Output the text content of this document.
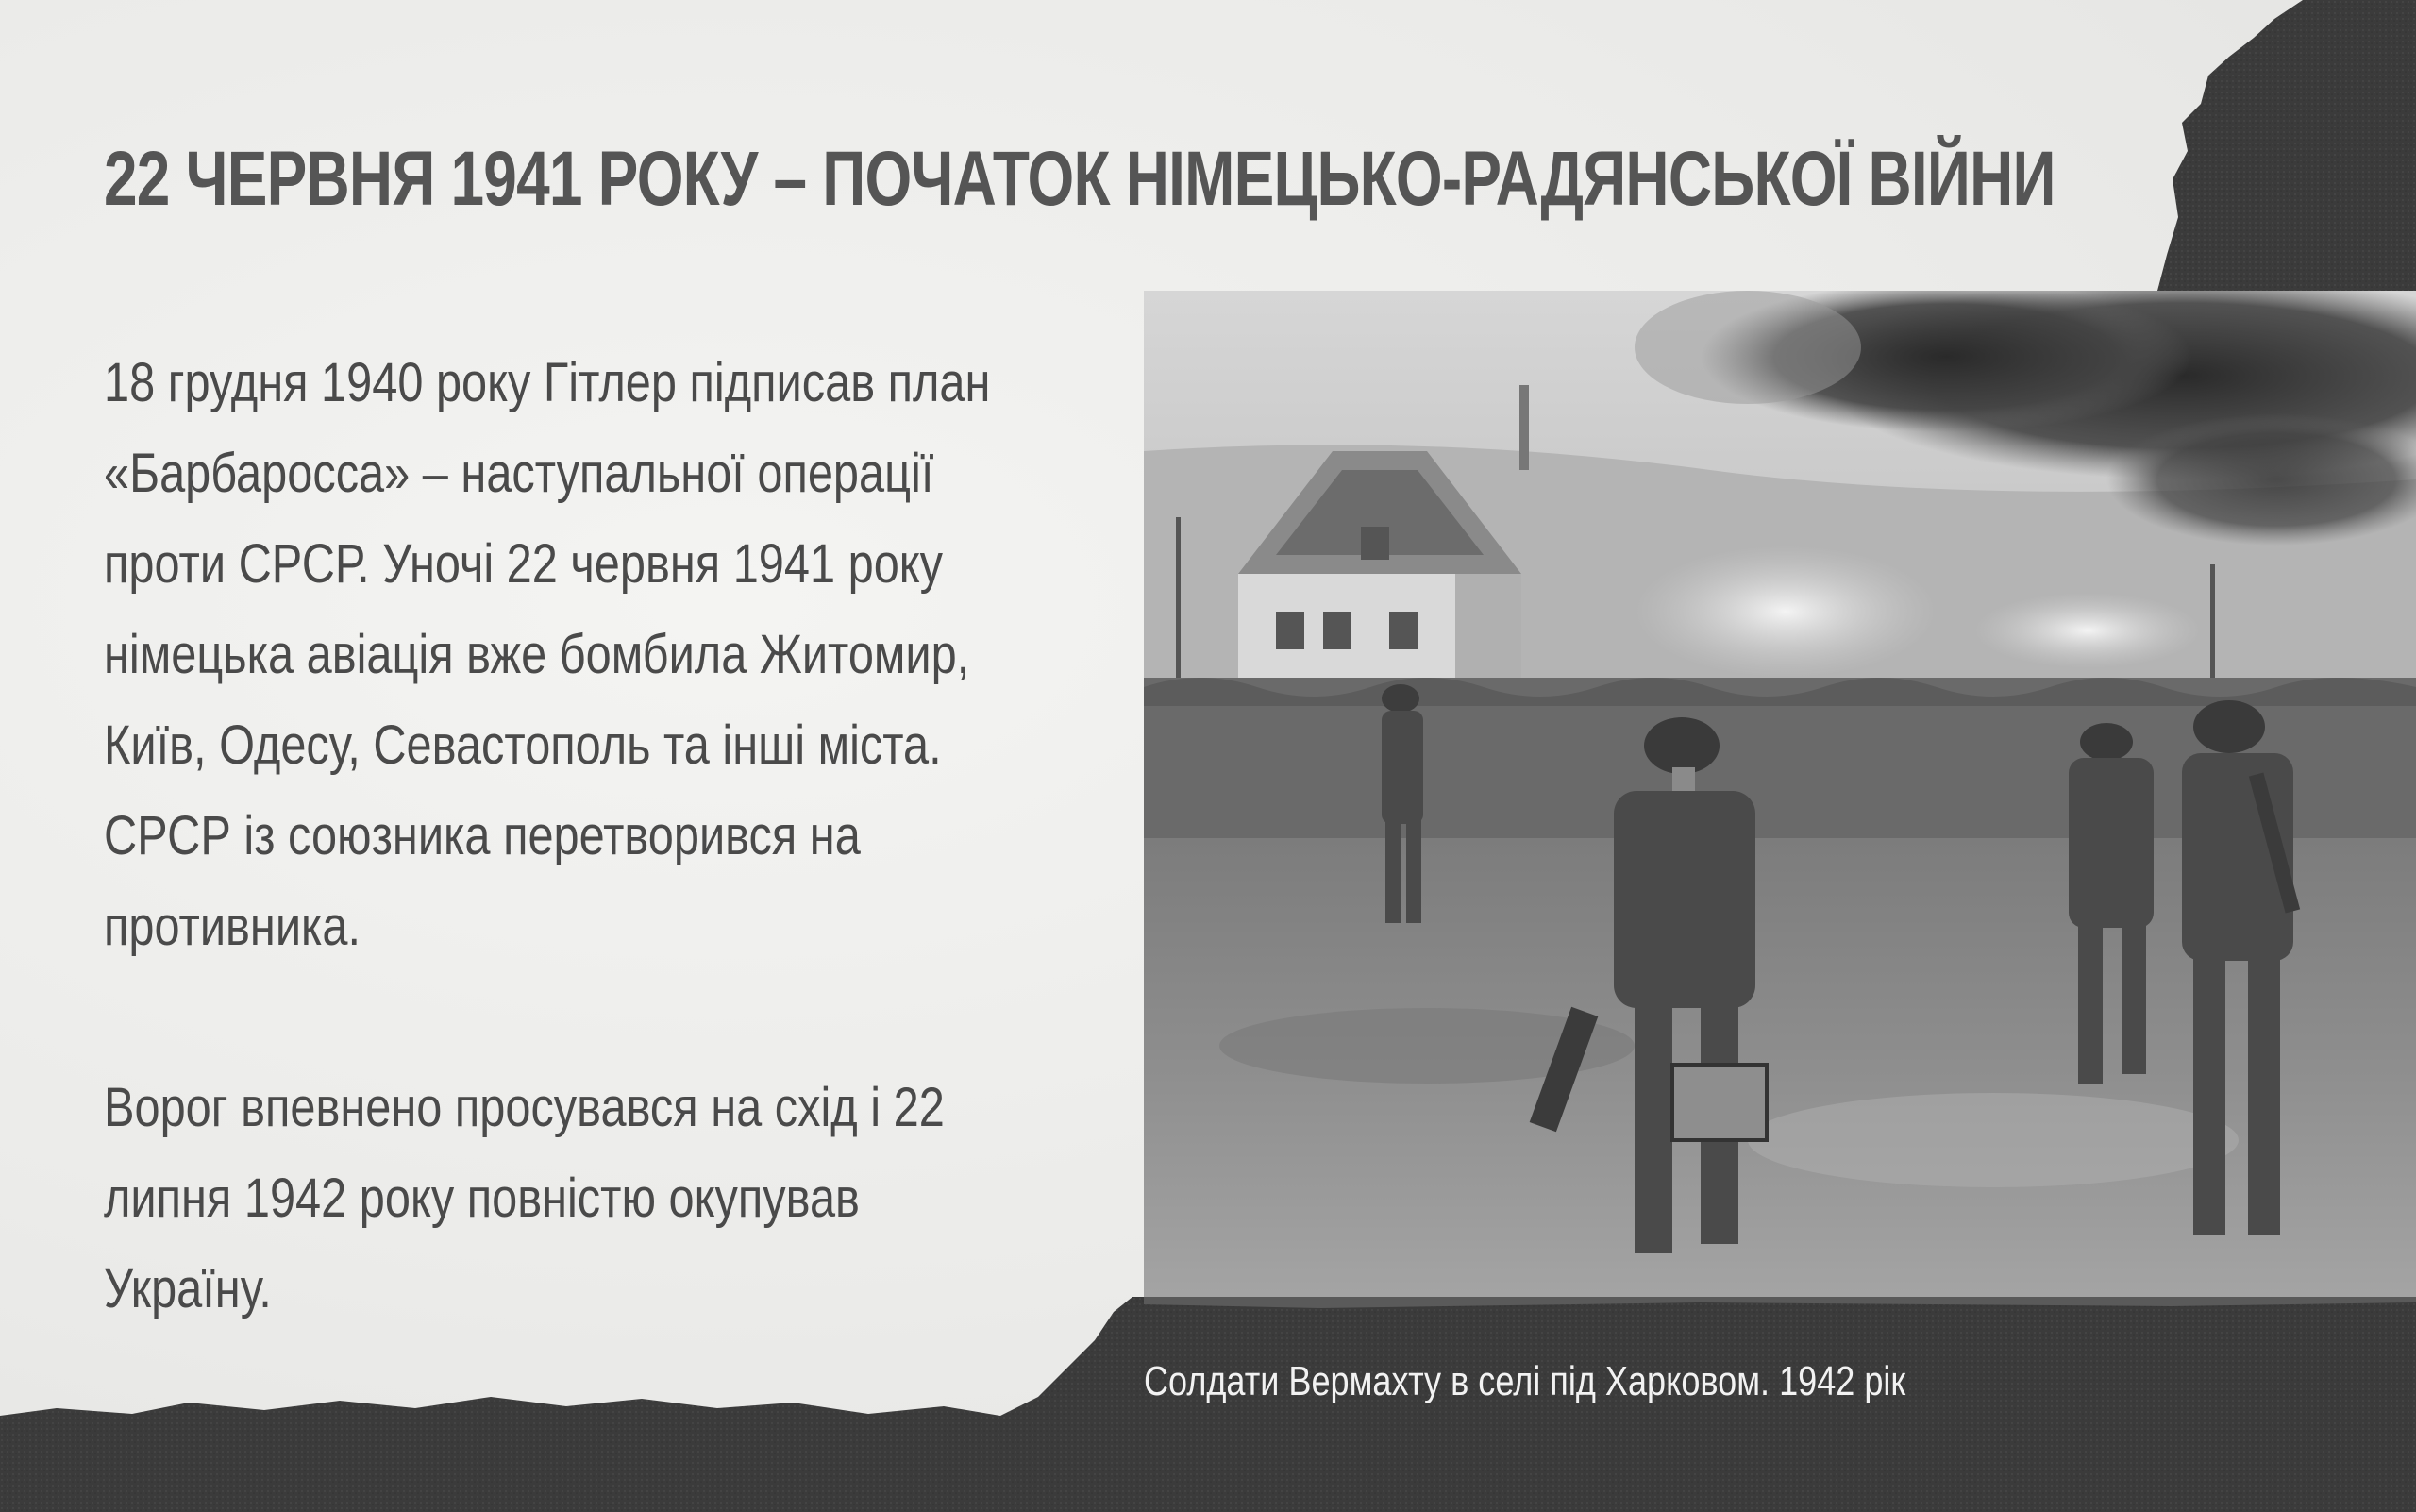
22 ЧЕРВНЯ 1941 РОКУ – ПОЧАТОК НІМЕЦЬКО-РАДЯНСЬКОЇ ВІЙНИ

18 грудня 1940 року Гітлер підписав план
«Барбаросса» – наступальної операції
проти СРСР. Уночі 22 червня 1941 року
німецька авіація вже бомбила Житомир,
Київ, Одесу, Севастополь та інші міста.
СРСР із союзника перетворився на
противника.

Ворог впевнено просувався на схід і 22
липня 1942 року повністю окупував
Україну.

Солдати Вермахту в селі під Харковом. 1942 рік
